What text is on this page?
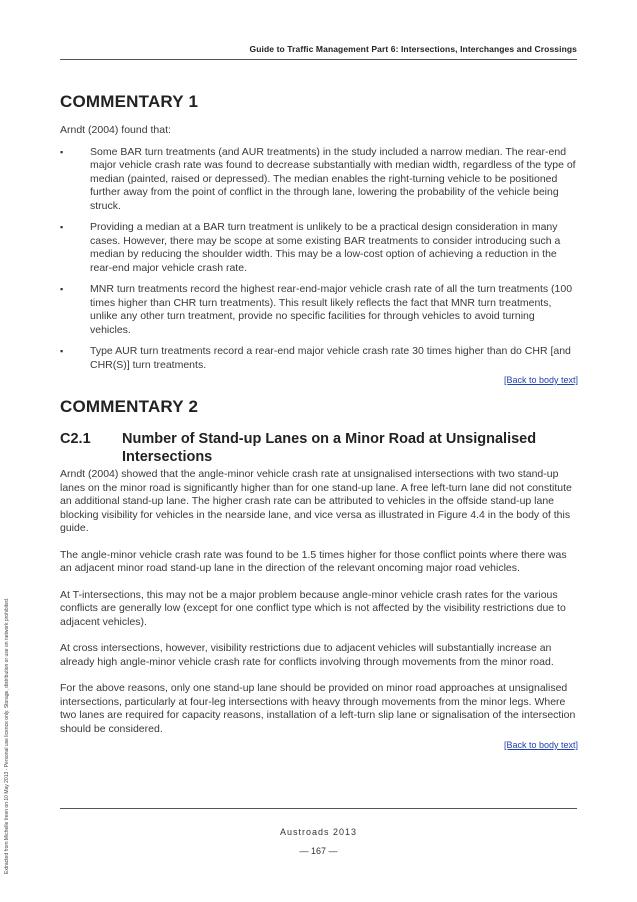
Guide to Traffic Management Part 6: Intersections, Interchanges and Crossings
Extracted from Michelle Ireen on 10 May 2013 - Personal use licence only. Storage, distribution or use on network prohibited.
COMMENTARY 1

Arndt (2004) found that:

▪ Some BAR turn treatments (and AUR treatments) in the study included a narrow median. The rear-end major vehicle crash rate was found to decrease substantially with median width, regardless of the type of median (painted, raised or depressed). The median enables the right-turning vehicle to be positioned further away from the point of conflict in the through lane, lowering the probability of the vehicle being struck.
▪ Providing a median at a BAR turn treatment is unlikely to be a practical design consideration in many cases. However, there may be scope at some existing BAR treatments to consider introducing such a median by reducing the shoulder width. This may be a low-cost option of achieving a reduction in the rear-end major vehicle crash rate.
▪ MNR turn treatments record the highest rear-end-major vehicle crash rate of all the turn treatments (100 times higher than CHR turn treatments). This result likely reflects the fact that MNR turn treatments, unlike any other turn treatment, provide no specific facilities for through vehicles to avoid turning vehicles.
▪ Type AUR turn treatments record a rear-end major vehicle crash rate 30 times higher than do CHR [and CHR(S)] turn treatments.
[Back to body text]
COMMENTARY 2
C2.1	Number of Stand-up Lanes on a Minor Road at Unsignalised Intersections

Arndt (2004) showed that the angle-minor vehicle crash rate at unsignalised intersections with two stand-up lanes on the minor road is significantly higher than for one stand-up lane. A free left-turn lane did not constitute an additional stand-up lane. The higher crash rate can be attributed to vehicles in the offside stand-up lane blocking visibility for vehicles in the nearside lane, and vice versa as illustrated in Figure 4.4 in the body of this guide.

The angle-minor vehicle crash rate was found to be 1.5 times higher for those conflict points where there was an adjacent minor road stand-up lane in the direction of the relevant oncoming major road vehicles.

At T-intersections, this may not be a major problem because angle-minor vehicle crash rates for the various conflicts are generally low (except for one conflict type which is not affected by the visibility restrictions due to adjacent vehicles).

At cross intersections, however, visibility restrictions due to adjacent vehicles will substantially increase an already high angle-minor vehicle crash rate for conflicts involving through movements from the minor road.

For the above reasons, only one stand-up lane should be provided on minor road approaches at unsignalised intersections, particularly at four-leg intersections with heavy through movements from the minor legs. Where two lanes are required for capacity reasons, installation of a left-turn slip lane or signalisation of the intersection should be considered.

[Back to body text]
Austroads 2013
— 167 —
